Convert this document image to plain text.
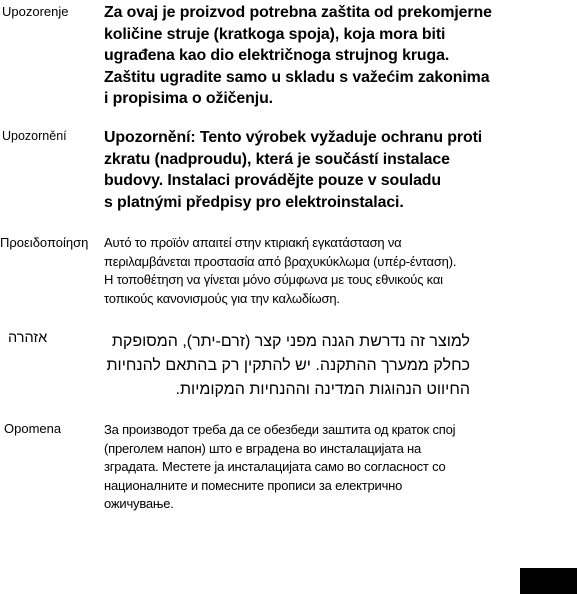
Upozorenje Za ovaj je proizvod potrebna zaštita od prekomjerne
količine struje (kratkoga spoja), koja mora biti
ugrađena kao dio električnoga strujnog kruga.
Zaštitu ugradite samo u skladu s važećim zakonima
i propisima o ožičenju.
Upozornění Upozornění: Tento výrobek vyžaduje ochranu proti
zkratu (nadproudu), která je součástí instalace
budovy. Instalaci provádějte pouze v souladu
s platnými předpisy pro elektroinstalaci.
Προειδοποίηση Αυτό το προϊόν απαιτεί στην κτιριακή εγκατάσταση να
περιλαμβάνεται προστασία από βραχυκύκλωμα (υπέρ-ένταση).
Η τοποθέτηση να γίνεται μόνο σύμφωνα με τους εθνικούς και
τοπικούς κανονισμούς για την καλωδίωση.
אזהרה	למוצר זה נדרשת הגנה מפני קצר (זרם-יתר), המסופקת
כחלק ממערך ההתקנה. יש להתקין רק בהתאם להנחיות
החיווט הנהוגות המדינה וההנחיות המקומיות.
Opomena	За производот треба да се обезбеди заштита од краток спој
(преголем напон) што е вградена во инсталацијата на
зградата. Местете ја инсталацијата само во согласност со
националните и помесните прописи за електрично
ожичување.
